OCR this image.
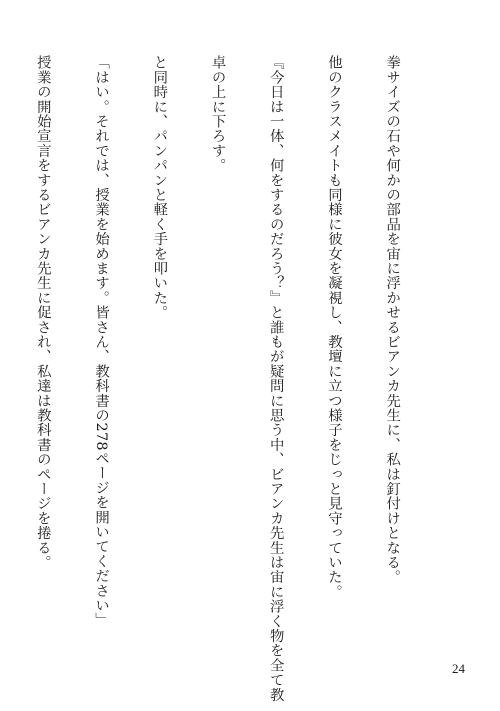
拳サイズの石や何かの部品を宙に浮かせるビアンカ先生に、私は釘付けとなる。

他のクラスメイトも同様に彼女を凝視し、教壇に立つ様子をじっと見守っていた。

『今日は一体、何をするのだろう？』と誰もが疑問に思う中、ビアンカ先生は宙に浮く物を全て教

卓の上に下ろす。

と同時に、パンパンと軽く手を叩いた。

「はい。それでは、授業を始めます。皆さん、教科書の278ページを開いてください」

授業の開始宣言をするビアンカ先生に促され、私達は教科書のページを捲る。

24
